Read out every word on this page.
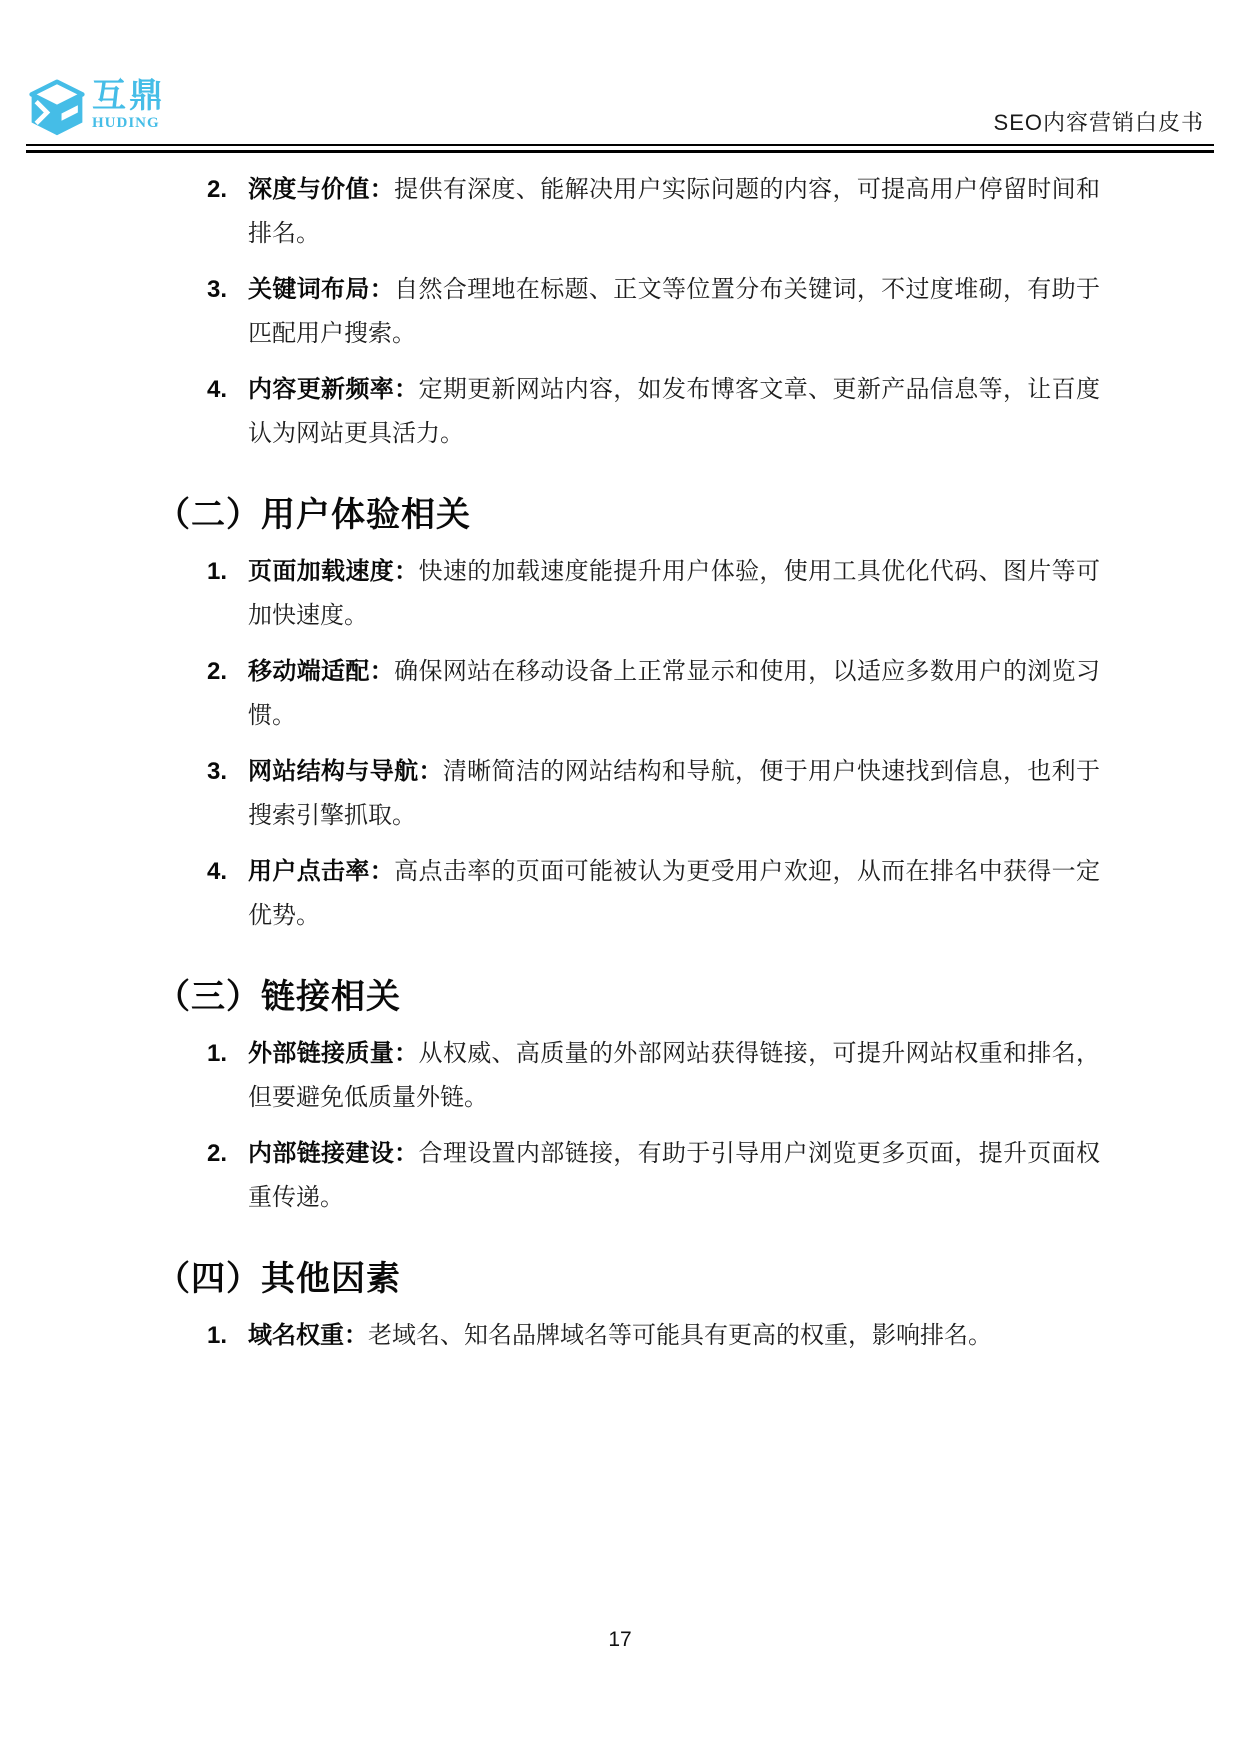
互鼎
HUDING	SEO内容营销白皮书
2. 深度与价值：提供有深度、能解决用户实际问题的内容，可提高用户停留时间和排名。

3. 关键词布局：自然合理地在标题、正文等位置分布关键词，不过度堆砌，有助于匹配用户搜索。

4. 内容更新频率：定期更新网站内容，如发布博客文章、更新产品信息等，让百度认为网站更具活力。

（二）用户体验相关
1. 页面加载速度：快速的加载速度能提升用户体验，使用工具优化代码、图片等可加快速度。

2. 移动端适配：确保网站在移动设备上正常显示和使用，以适应多数用户的浏览习惯。

3. 网站结构与导航：清晰简洁的网站结构和导航，便于用户快速找到信息，也利于搜索引擎抓取。

4. 用户点击率：高点击率的页面可能被认为更受用户欢迎，从而在排名中获得一定优势。

（三）链接相关
1. 外部链接质量：从权威、高质量的外部网站获得链接，可提升网站权重和排名，但要避免低质量外链。

2. 内部链接建设：合理设置内部链接，有助于引导用户浏览更多页面，提升页面权重传递。

（四）其他因素
1. 域名权重：老域名、知名品牌域名等可能具有更高的权重，影响排名。

17
